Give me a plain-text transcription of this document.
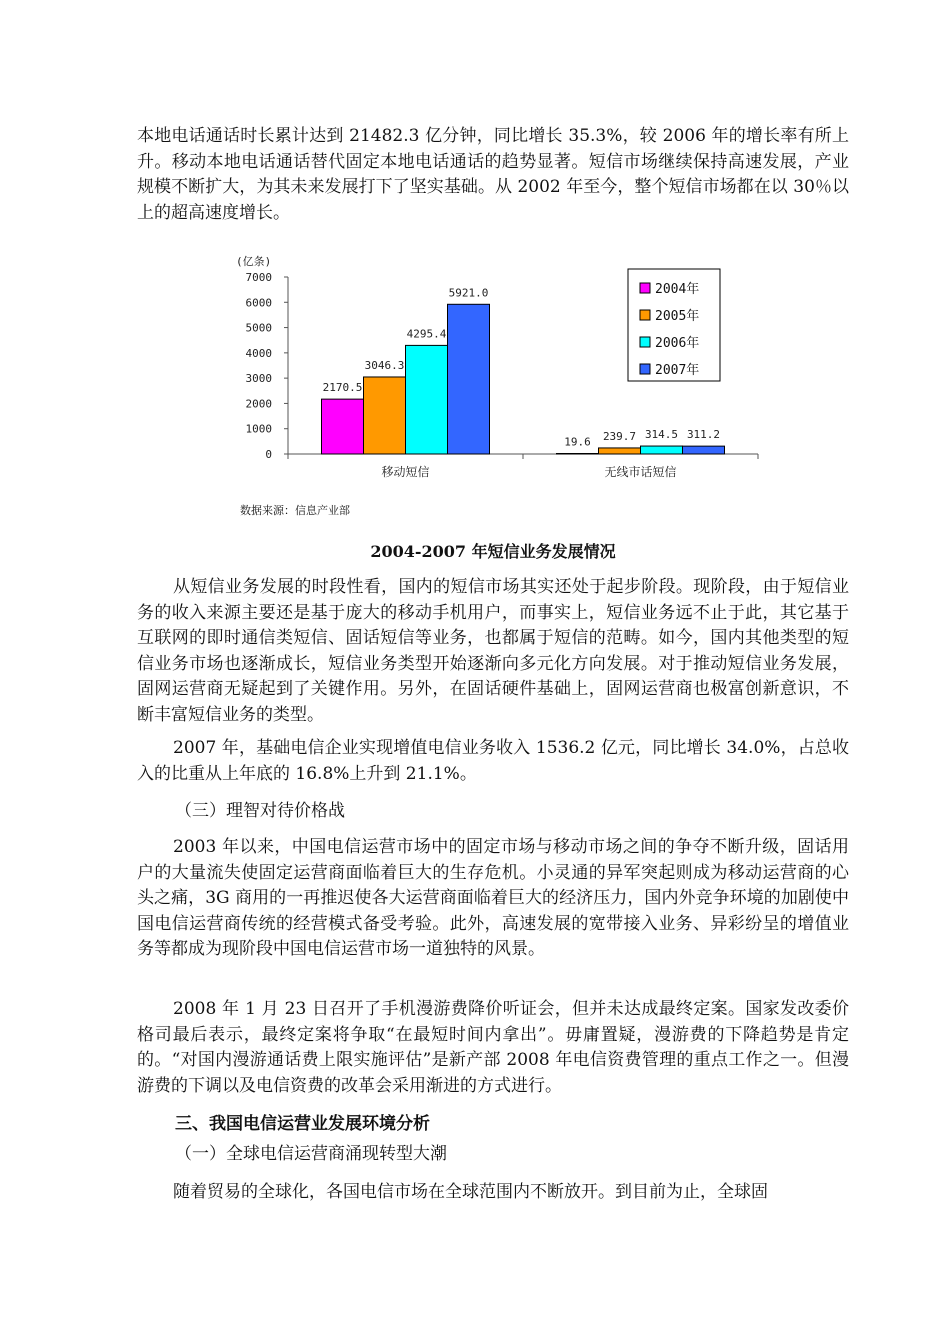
本地电话通话时长累计达到 21482.3 亿分钟，同比增长 35.3%，较 2006 年的增长率有所上升。移动本地电话通话替代固定本地电话通话的趋势显著。短信市场继续保持高速发展，产业规模不断扩大，为其未来发展打下了坚实基础。从 2002 年至今，整个短信市场都在以 30％以上的超高速度增长。

(亿条)
0
1000
2000
3000
4000
5000
6000
7000
移动短信	无线市话短信
2170.5
3046.3
4295.4
5921.0
19.6 239.7 314.5 311.2
2004年
2005年
2006年
2007年

数据来源：信息产业部

2004-2007 年短信业务发展情况

从短信业务发展的时段性看，国内的短信市场其实还处于起步阶段。现阶段，由于短信业务的收入来源主要还是基于庞大的移动手机用户，而事实上，短信业务远不止于此，其它基于互联网的即时通信类短信、固话短信等业务，也都属于短信的范畴。如今，国内其他类型的短信业务市场也逐渐成长，短信业务类型开始逐渐向多元化方向发展。对于推动短信业务发展，固网运营商无疑起到了关键作用。另外，在固话硬件基础上，固网运营商也极富创新意识，不断丰富短信业务的类型。

2007 年，基础电信企业实现增值电信业务收入 1536.2 亿元，同比增长 34.0%，占总收入的比重从上年底的 16.8%上升到 21.1%。

（三）理智对待价格战

2003 年以来，中国电信运营市场中的固定市场与移动市场之间的争夺不断升级，固话用户的大量流失使固定运营商面临着巨大的生存危机。小灵通的异军突起则成为移动运营商的心头之痛，3G 商用的一再推迟使各大运营商面临着巨大的经济压力，国内外竞争环境的加剧使中国电信运营商传统的经营模式备受考验。此外，高速发展的宽带接入业务、异彩纷呈的增值业务等都成为现阶段中国电信运营市场一道独特的风景。

2008 年 1 月 23 日召开了手机漫游费降价听证会，但并未达成最终定案。国家发改委价格司最后表示，最终定案将争取“在最短时间内拿出”。毋庸置疑，漫游费的下降趋势是肯定的。“对国内漫游通话费上限实施评估”是新产部 2008 年电信资费管理的重点工作之一。但漫游费的下调以及电信资费的改革会采用渐进的方式进行。

三、我国电信运营业发展环境分析

（一）全球电信运营商涌现转型大潮

随着贸易的全球化，各国电信市场在全球范围内不断放开。到目前为止，全球固
